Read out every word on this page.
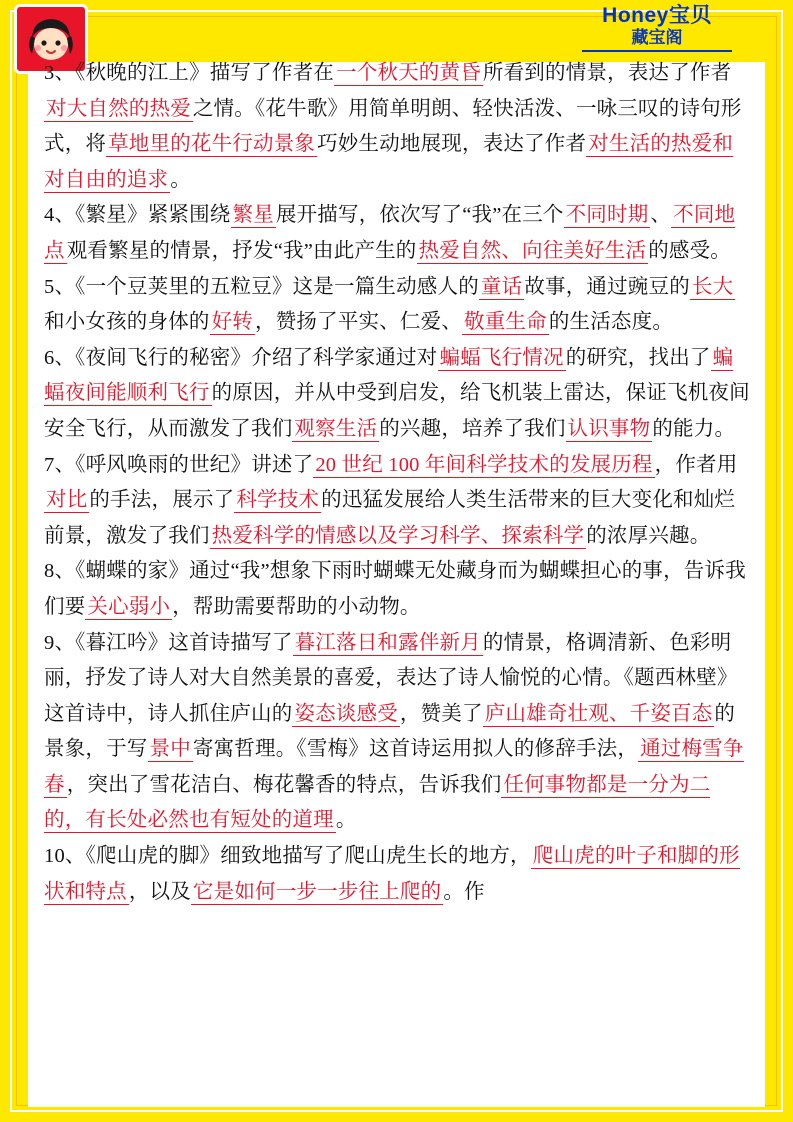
Honey宝贝
藏宝阁

3、《秋晚的江上》描写了作者在一个秋天的黄昏所看到的情景，表达了作者对大自然的热爱之情。《花牛歌》用简单明朗、轻快活泼、一咏三叹的诗句形式，将草地里的花牛行动景象巧妙生动地展现，表达了作者对生活的热爱和对自由的追求。

4、《繁星》紧紧围绕繁星展开描写，依次写了“我”在三个不同时期、不同地点观看繁星的情景，抒发“我”由此产生的热爱自然、向往美好生活的感受。

5、《一个豆荚里的五粒豆》这是一篇生动感人的童话故事，通过豌豆的长大和小女孩的身体的好转，赞扬了平实、仁爱、敬重生命的生活态度。

6、《夜间飞行的秘密》介绍了科学家通过对蝙蝠飞行情况的研究，找出了蝙蝠夜间能顺利飞行的原因，并从中受到启发，给飞机装上雷达，保证飞机夜间安全飞行，从而激发了我们观察生活的兴趣，培养了我们认识事物的能力。

7、《呼风唤雨的世纪》讲述了20 世纪 100 年间科学技术的发展历程，作者用对比的手法，展示了科学技术的迅猛发展给人类生活带来的巨大变化和灿烂前景，激发了我们热爱科学的情感以及学习科学、探索科学的浓厚兴趣。

8、《蝴蝶的家》通过“我”想象下雨时蝴蝶无处藏身而为蝴蝶担心的事，告诉我们要关心弱小，帮助需要帮助的小动物。

9、《暮江吟》这首诗描写了暮江落日和露伴新月的情景，格调清新、色彩明丽，抒发了诗人对大自然美景的喜爱，表达了诗人愉悦的心情。《题西林壁》这首诗中，诗人抓住庐山的姿态谈感受，赞美了庐山雄奇壮观、千姿百态的景象，于写景中寄寓哲理。《雪梅》这首诗运用拟人的修辞手法，通过梅雪争春，突出了雪花洁白、梅花馨香的特点，告诉我们任何事物都是一分为二的，有长处必然也有短处的道理。

10、《爬山虎的脚》细致地描写了爬山虎生长的地方，爬山虎的叶子和脚的形状和特点，以及它是如何一步一步往上爬的。作
